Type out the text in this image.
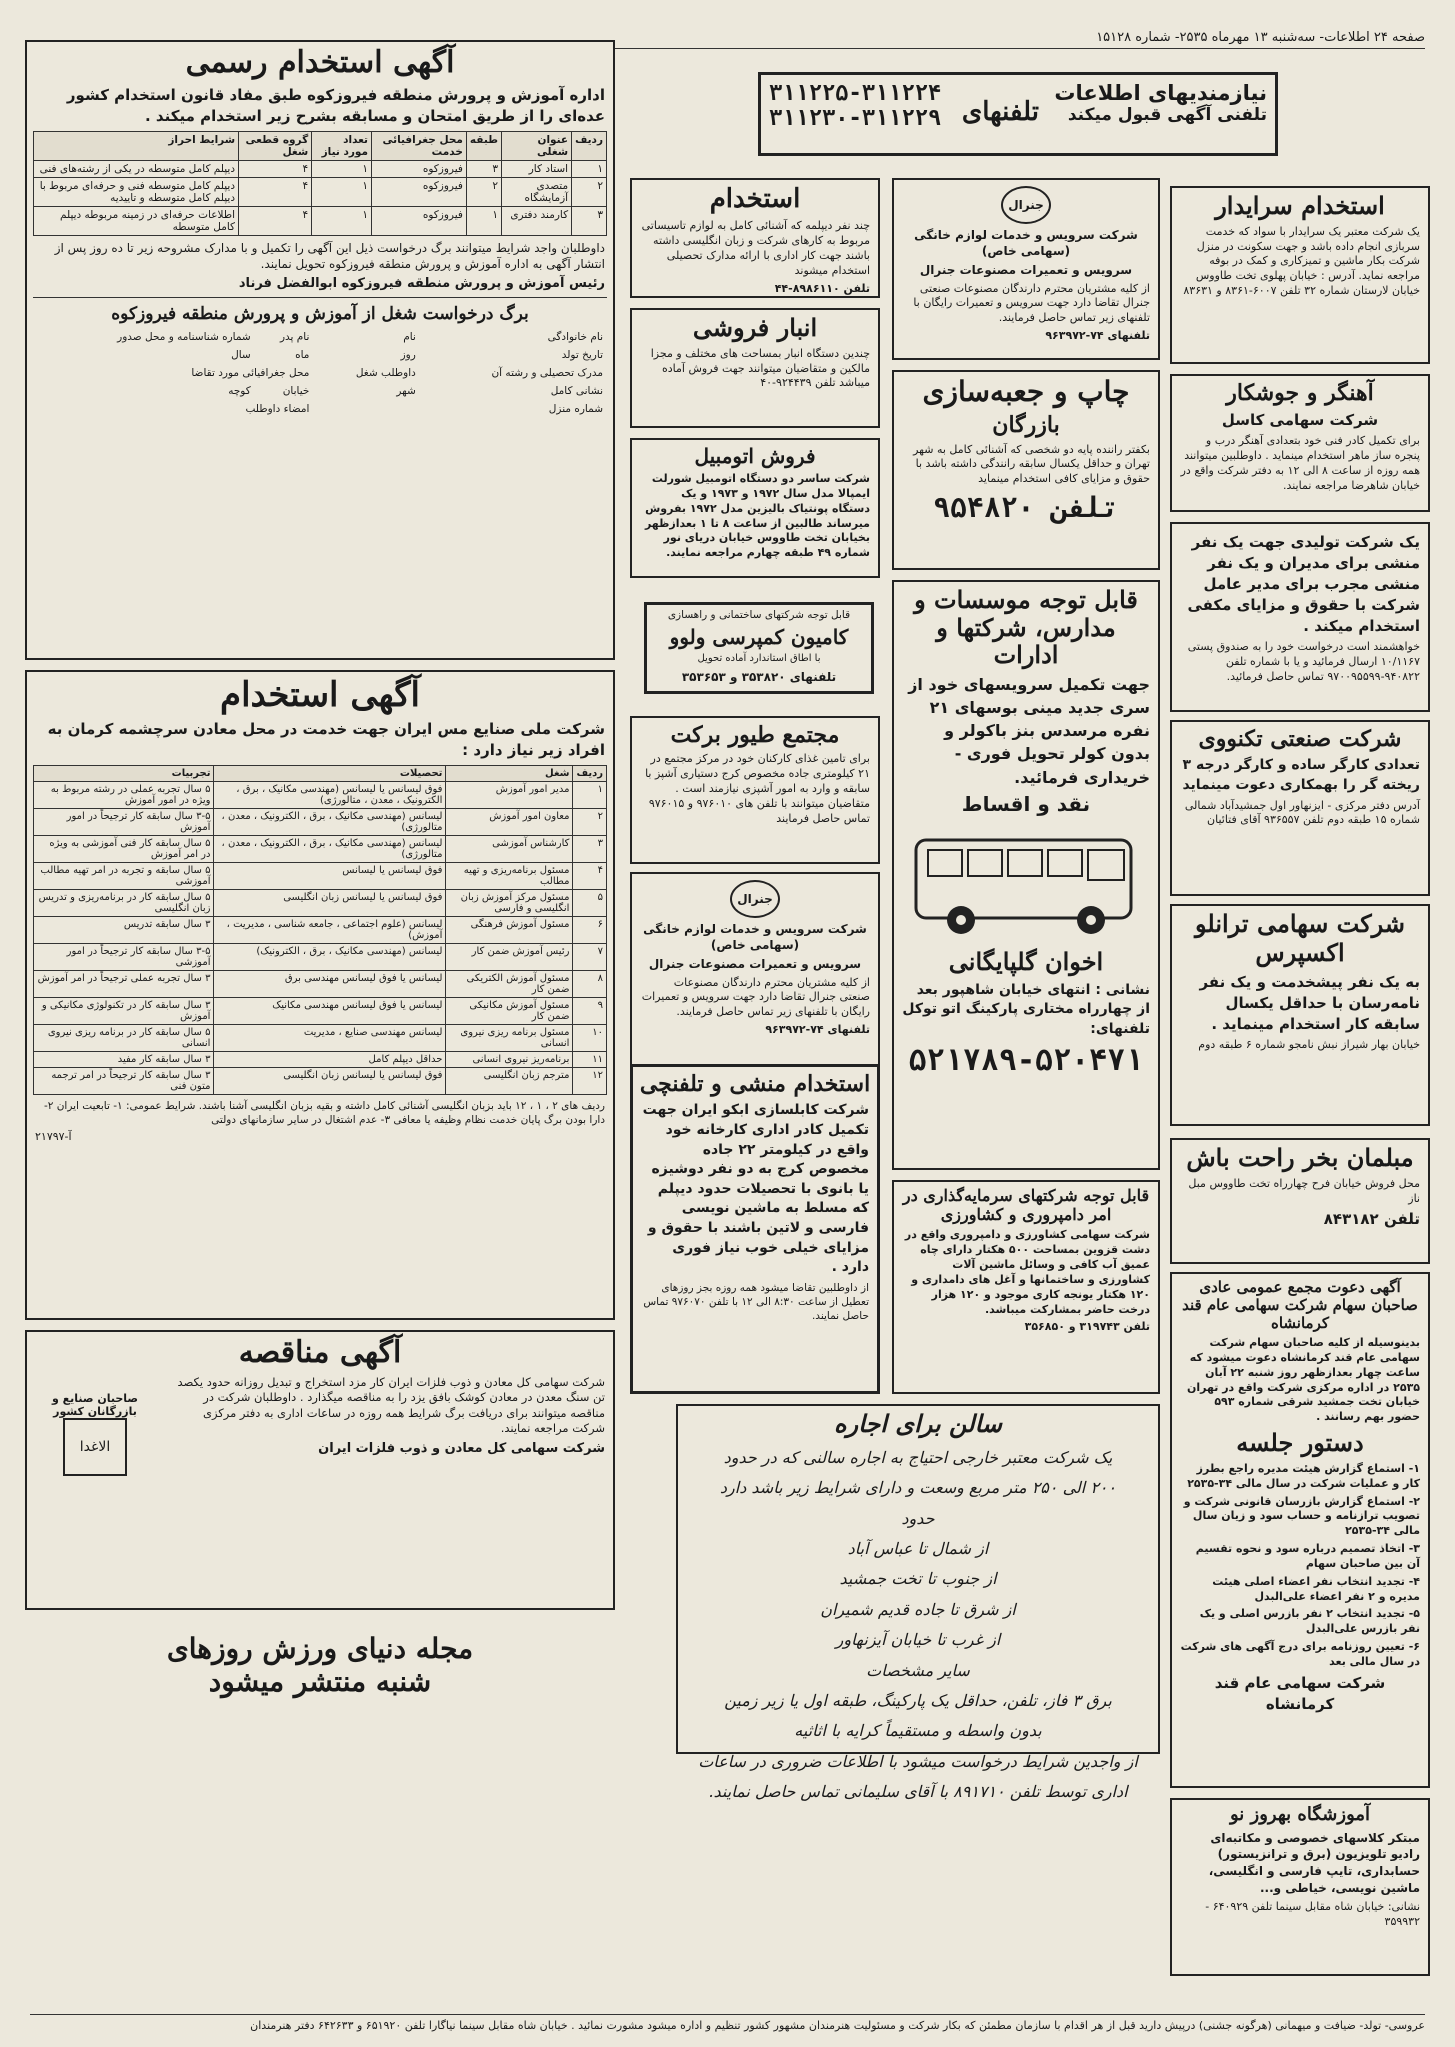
صفحه ۲۴ اطلاعات- سه‌شنبه ۱۳ مهرماه ۲۵۳۵- شماره ۱۵۱۲۸
نیازمندیهای اطلاعات
تلفنی آگهی قبول میکند
تلفنهای
۳۱۱۲۲۵-۳۱۱۲۲۴
۳۱۱۲۳۰-۳۱۱۲۲۹
آگهی استخدام رسمی

اداره آموزش و پرورش منطقه فیروزکوه طبق مفاد قانون استخدام کشور عده‌ای را از طریق امتحان و مسابقه بشرح زیر استخدام میکند .

ردیف	عنوان شغلی	طبقه	محل جغرافیائی خدمت	تعداد مورد نیاز	گروه قطعی شغل	شرایط احراز
۱	استاد کار	۳	فیروزکوه	۱	۴	دیپلم کامل متوسطه در یکی از رشته‌های فنی
۲	متصدی آزمایشگاه	۲	فیروزکوه	۱	۴	دیپلم کامل متوسطه فنی و حرفه‌ای مربوط با دیپلم کامل متوسطه و تاییدیه
۳	کارمند دفتری	۱	فیروزکوه	۱	۴	اطلاعات حرفه‌ای در زمینه مربوطه دیپلم کامل متوسطه

داوطلبان واجد شرایط میتوانند برگ درخواست ذیل این آگهی را تکمیل و با مدارک مشروحه زیر تا ده روز پس از انتشار آگهی به اداره آموزش و پرورش منطقه فیروزکوه تحویل نمایند.

رئیس آموزش و پرورش منطقه فیروزکوه ابوالفضل فرناد

برگ درخواست شغل از آموزش و پرورش منطقه فیروزکوه
نام خانوادگی	نام	نام پدر	شماره شناسنامه و محل صدور
تاریخ تولد	روز	ماه	سال
مدرک تحصیلی و رشته آن	داوطلب شغل	محل جغرافیائی مورد تقاضا	
نشانی کامل	شهر	خیابان	کوچه
شماره منزل		امضاء داوطلب	
آگهی استخدام

شرکت ملی صنایع مس ایران جهت خدمت در محل معادن سرچشمه کرمان به افراد زیر نیاز دارد :

ردیف	شغل	تحصیلات	تجربیات
۱	مدیر امور آموزش	فوق لیسانس یا لیسانس (مهندسی مکانیک ، برق ، الکترونیک ، معدن ، متالورژی)	۵ سال تجربه عملی در رشته مربوط به ویژه در امور آموزش
۲	معاون امور آموزش	لیسانس (مهندسی مکانیک ، برق ، الکترونیک ، معدن ، متالورژی)	۳-۵ سال سابقه کار ترجیحاً در امور آموزش
۳	کارشناس آموزشی	لیسانس (مهندسی مکانیک ، برق ، الکترونیک ، معدن ، متالورژی)	۵ سال سابقه کار فنی آموزشی به ویژه در امر آموزش
۴	مسئول برنامه‌ریزی و تهیه مطالب	فوق لیسانس یا لیسانس	۵ سال سابقه و تجربه در امر تهیه مطالب آموزشی
۵	مسئول مرکز آموزش زبان انگلیسی و فارسی	فوق لیسانس یا لیسانس زبان انگلیسی	۵ سال سابقه کار در برنامه‌ریزی و تدریس زبان انگلیسی
۶	مسئول آموزش فرهنگی	لیسانس (علوم اجتماعی ، جامعه شناسی ، مدیریت ، آموزش)	۳ سال سابقه تدریس
۷	رئیس آموزش ضمن کار	لیسانس (مهندسی مکانیک ، برق ، الکترونیک)	۳-۵ سال سابقه کار ترجیحاً در امور آموزشی
۸	مسئول آموزش الکتریکی ضمن کار	لیسانس یا فوق لیسانس مهندسی برق	۳ سال تجربه عملی ترجیحاً در امر آموزش
۹	مسئول آموزش مکانیکی ضمن کار	لیسانس یا فوق لیسانس مهندسی مکانیک	۳ سال سابقه کار در تکنولوژی مکانیکی و آموزش
۱۰	مسئول برنامه ریزی نیروی انسانی	لیسانس مهندسی صنایع ، مدیریت	۵ سال سابقه کار در برنامه ریزی نیروی انسانی
۱۱	برنامه‌ریز نیروی انسانی	حداقل دیپلم کامل	۳ سال سابقه کار مفید
۱۲	مترجم زبان انگلیسی	فوق لیسانس یا لیسانس زبان انگلیسی	۳ سال سابقه کار ترجیحاً در امر ترجمه متون فنی

ردیف های ۲ ، ۱ ، ۱۲ باید بزبان انگلیسی آشنائی کامل داشته و بقیه بزبان انگلیسی آشنا باشند. شرایط عمومی: ۱- تابعیت ایران ۲- دارا بودن برگ پایان خدمت نظام وظیفه یا معافی ۳- عدم اشتغال در سایر سازمانهای دولتی

آ-۲۱۷۹۷

آگهی مناقصه
صاحبان صنایع و بازرگانان کشور
الاغدا

شرکت سهامی کل معادن و ذوب فلزات ایران کار مزد استخراج و تبدیل روزانه حدود یکصد تن سنگ معدن در معادن کوشک بافق یزد را به مناقصه میگذارد . داوطلبان شرکت در مناقصه میتوانند برای دریافت برگ شرایط همه روزه در ساعات اداری به دفتر مرکزی شرکت مراجعه نمایند.

شرکت سهامی کل معادن و ذوب فلزات ایران

مجله دنیای ورزش روزهای
شنبه منتشر میشود
استخدام

چند نفر دیپلمه که آشنائی کامل به لوازم تاسیساتی مربوط به کارهای شرکت و زبان انگلیسی داشته باشند جهت کار اداری با ارائه مدارک تحصیلی استخدام میشوند

تلفن ۸۹۸۶۱۱۰-۴۴

انبار فروشی

چندین دستگاه انبار بمساحت های مختلف و مجزا مالکین و متقاضیان میتوانند جهت فروش آماده میباشد تلفن ۹۲۴۴۳۹-۴۰

فروش اتومبیل

شرکت ساسر دو دستگاه اتومبیل شورلت ایمپالا مدل سال ۱۹۷۲ و ۱۹۷۳ و یک دستگاه پونتیاک بالیزین مدل ۱۹۷۲ بفروش میرساند طالبین از ساعت ۸ تا ۱ بعدازظهر بخیابان تخت طاووس خیابان دریای نور شماره ۴۹ طبقه چهارم مراجعه نمایند.

قابل توجه شرکتهای ساختمانی و راهسازی

کامیون کمپرسی ولوو

با اطاق استاندارد آماده تحویل

تلفنهای ۳۵۳۸۲۰ و ۳۵۳۶۵۳

مجتمع طیور برکت

برای تامین غذای کارکنان خود در مرکز مجتمع در ۲۱ کیلومتری جاده مخصوص کرج دستیاری آشپز با سابقه و وارد به امور آشپزی نیازمند است . متقاضیان میتوانند با تلفن های ۹۷۶۰۱۰ و ۹۷۶۰۱۵ تماس حاصل فرمایند

جنرال

شرکت سرویس و خدمات لوازم خانگی (سهامی خاص)

سرویس و تعمیرات مصنوعات جنرال

از کلیه مشتریان محترم دارندگان مصنوعات صنعتی جنرال تقاضا دارد جهت سرویس و تعمیرات رایگان با تلفنهای زیر تماس حاصل فرمایند.

تلفنهای ۷۴-۹۶۳۹۷۲

استخدام منشی و تلفنچی

شرکت کابلسازی ابکو ایران جهت تکمیل کادر اداری کارخانه خود واقع در کیلومتر ۲۲ جاده مخصوص کرج به دو نفر دوشیزه یا بانوی با تحصیلات حدود دیپلم که مسلط به ماشین نویسی فارسی و لاتین باشند با حقوق و مزایای خیلی خوب نیاز فوری دارد .

از داوطلبین تقاضا میشود همه روزه بجز روزهای تعطیل از ساعت ۸:۳۰ الی ۱۲ با تلفن ۹۷۶۰۷۰ تماس حاصل نمایند.

جنرال

شرکت سرویس و خدمات لوازم خانگی (سهامی خاص)

سرویس و تعمیرات مصنوعات جنرال

از کلیه مشتریان محترم دارندگان مصنوعات صنعتی جنرال تقاضا دارد جهت سرویس و تعمیرات رایگان با تلفنهای زیر تماس حاصل فرمایند.

تلفنهای ۷۴-۹۶۳۹۷۲

چاپ و جعبه‌سازی
بازرگان

بکفتر راننده پایه دو شخصی که آشنائی کامل به شهر تهران و حداقل یکسال سابقه رانندگی داشته باشد با حقوق و مزایای کافی استخدام مینماید

تلفن ۹۵۴۸۲۰
قابل توجه موسسات و مدارس، شرکتها و ادارات

جهت تکمیل سرویسهای خود از سری جدید مینی بوسهای ۲۱ نفره مرسدس بنز باکولر و بدون کولر تحویل فوری - خریداری فرمائید.

نقد و اقساط
اخوان گلپایگانی

نشانی : انتهای خیابان شاهپور بعد از چهارراه مختاری پارکینگ اتو توکل تلفنهای:

۵۲۱۷۸۹-۵۲۰۴۷۱
قابل توجه شرکتهای سرمایه‌گذاری در امر دامپروری و کشاورزی

شرکت سهامی کشاورزی و دامپروری واقع در دشت قزوین بمساحت ۵۰۰ هکتار دارای چاه عمیق آب کافی و وسائل ماشین آلات کشاورزی و ساختمانها و آغل های دامداری و ۱۲۰ هکتار یونجه کاری موجود و ۱۲۰ هزار درخت حاضر بمشارکت میباشد.

تلفن ۳۱۹۷۴۳ و ۳۵۶۸۵۰

سالن برای اجاره
یک شرکت معتبر خارجی احتیاج به اجاره سالنی که در حدود
۲۰۰ الی ۲۵۰ متر مربع وسعت و دارای شرایط زیر باشد دارد
حدود
از شمال تا عباس آباد
از جنوب تا تخت جمشید
از شرق تا جاده قدیم شمیران
از غرب تا خیابان آیزنهاور
سایر مشخصات
برق ۳ فاز، تلفن، حداقل یک پارکینگ، طبقه اول یا زیر زمین
بدون واسطه و مستقیماً کرایه با اثاثیه
از واجدین شرایط درخواست میشود با اطلاعات ضروری در ساعات
اداری توسط تلفن ۸۹۱۷۱۰ با آقای سلیمانی تماس حاصل نمایند.
استخدام سرایدار

یک شرکت معتبر یک سرایدار با سواد که خدمت سربازی انجام داده باشد و جهت سکونت در منزل شرکت بکار ماشین و تمیزکاری و کمک در بوفه مراجعه نماید. آدرس : خیابان پهلوی تخت طاووس خیابان لارستان شماره ۳۲ تلفن ۶۰۰۷-۸۳۶۱ و ۸۳۶۳۱

آهنگر و جوشکار

شرکت سهامی کاسل

برای تکمیل کادر فنی خود بتعدادی آهنگر درب و پنجره ساز ماهر استخدام مینماید . داوطلبین میتوانند همه روزه از ساعت ۸ الی ۱۲ به دفتر شرکت واقع در خیابان شاهرضا مراجعه نمایند.

یک شرکت تولیدی جهت یک نفر منشی برای مدیران و یک نفر منشی مجرب برای مدیر عامل شرکت با حقوق و مزایای مکفی استخدام میکند .

خواهشمند است درخواست خود را به صندوق پستی ۱۰/۱۱۶۷ ارسال فرمائید و یا با شماره تلفن ۹۴۰۸۲۲-۹۷۰۰۹۵۵۹۹ تماس حاصل فرمائید.

شرکت صنعتی تکنووی

تعدادی کارگر ساده و کارگر درجه ۳ ریخته گر را بهمکاری دعوت مینماید

آدرس دفتر مرکزی - ایزنهاور اول جمشیدآباد شمالی شماره ۱۵ طبقه دوم تلفن ۹۳۶۵۵۷ آقای فتائیان

شرکت سهامی ترانلو اکسپرس

به یک نفر پیشخدمت و یک نفر نامه‌رسان با حداقل یکسال سابقه کار استخدام مینماید .

خیابان بهار شیراز نبش نامجو شماره ۶ طبقه دوم

مبلمان بخر راحت باش

محل فروش خیابان فرح چهارراه تخت طاووس مبل ناز

تلفن ۸۴۳۱۸۲

آگهی دعوت مجمع عمومی عادی صاحبان سهام شرکت سهامی عام قند کرمانشاه

بدینوسیله از کلیه صاحبان سهام شرکت سهامی عام قند کرمانشاه دعوت میشود که ساعت چهار بعدازظهر روز شنبه ۲۲ آبان ۲۵۳۵ در اداره مرکزی شرکت واقع در تهران خیابان تخت جمشید شرقی شماره ۵۹۳ حضور بهم رسانند .

دستور جلسه

۱- استماع گزارش هیئت مدیره راجع بطرز کار و عملیات شرکت در سال مالی ۳۴-۲۵۳۵

۲- استماع گزارش بازرسان قانونی شرکت و تصویب ترازنامه و حساب سود و زیان سال مالی ۳۴-۲۵۳۵

۳- اتخاذ تصمیم درباره سود و نحوه تقسیم آن بین صاحبان سهام

۴- تجدید انتخاب نفر اعضاء اصلی هیئت مدیره و ۲ نفر اعضاء علی‌البدل

۵- تجدید انتخاب ۲ نفر بازرس اصلی و یک نفر بازرس علی‌البدل

۶- تعیین روزنامه برای درج آگهی های شرکت در سال مالی بعد

شرکت سهامی عام قند کرمانشاه

آموزشگاه بهروز نو

مبتکر کلاسهای خصوصی و مکاتبه‌ای رادیو تلویزیون (برق و ترانزیستور) حسابداری، تایپ فارسی و انگلیسی، ماشین نویسی، خیاطی و...

نشانی: خیابان شاه مقابل سینما تلفن ۶۴۰۹۲۹ - ۳۵۹۹۳۲

عروسی- تولد- ضیافت و میهمانی (هرگونه جشنی) درپیش دارید قبل از هر اقدام با سازمان مطمئن که بکار شرکت و مسئولیت هنرمندان مشهور کشور تنظیم و اداره میشود مشورت نمائید . خیابان شاه مقابل سینما نیاگارا تلفن ۶۵۱۹۲۰ و ۶۴۲۶۳۳ دفتر هنرمندان
